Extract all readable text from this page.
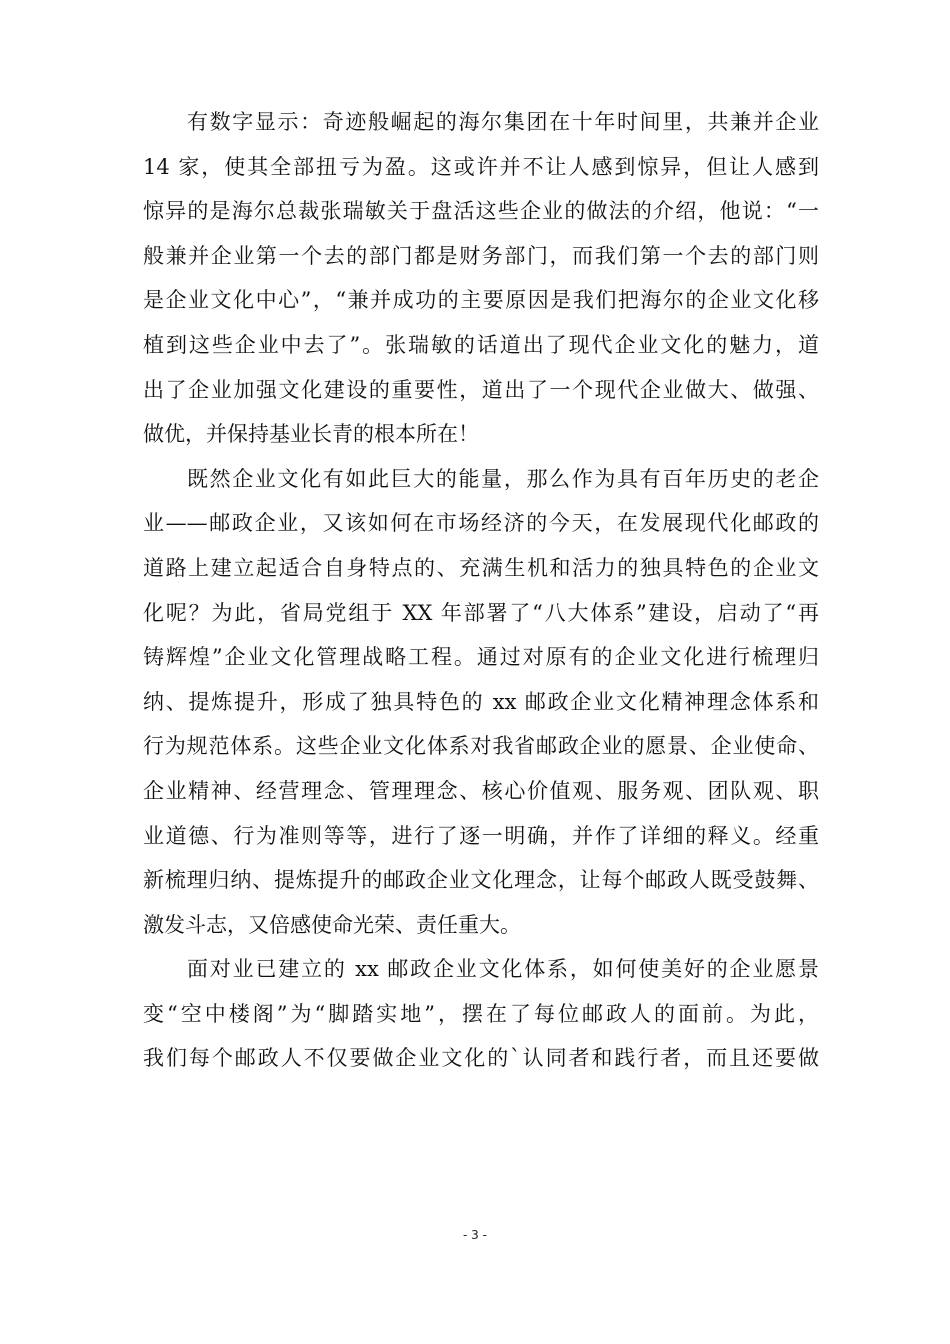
有数字显示：奇迹般崛起的海尔集团在十年时间里，共兼并企业
14 家，使其全部扭亏为盈。这或许并不让人感到惊异，但让人感到
惊异的是海尔总裁张瑞敏关于盘活这些企业的做法的介绍，他说：“一
般兼并企业第一个去的部门都是财务部门，而我们第一个去的部门则
是企业文化中心”，“兼并成功的主要原因是我们把海尔的企业文化移
植到这些企业中去了”。张瑞敏的话道出了现代企业文化的魅力，道
出了企业加强文化建设的重要性，道出了一个现代企业做大、做强、
做优，并保持基业长青的根本所在！

既然企业文化有如此巨大的能量，那么作为具有百年历史的老企
业——邮政企业，又该如何在市场经济的今天，在发展现代化邮政的
道路上建立起适合自身特点的、充满生机和活力的独具特色的企业文
化呢？为此，省局党组于 XX 年部署了“八大体系”建设，启动了“再
铸辉煌”企业文化管理战略工程。通过对原有的企业文化进行梳理归
纳、提炼提升，形成了独具特色的 xx 邮政企业文化精神理念体系和
行为规范体系。这些企业文化体系对我省邮政企业的愿景、企业使命、
企业精神、经营理念、管理理念、核心价值观、服务观、团队观、职
业道德、行为准则等等，进行了逐一明确，并作了详细的释义。经重
新梳理归纳、提炼提升的邮政企业文化理念，让每个邮政人既受鼓舞、
激发斗志，又倍感使命光荣、责任重大。

面对业已建立的 xx 邮政企业文化体系，如何使美好的企业愿景
变“空中楼阁”为“脚踏实地”，摆在了每位邮政人的面前。为此，
我们每个邮政人不仅要做企业文化的`认同者和践行者，而且还要做

- 3 -
